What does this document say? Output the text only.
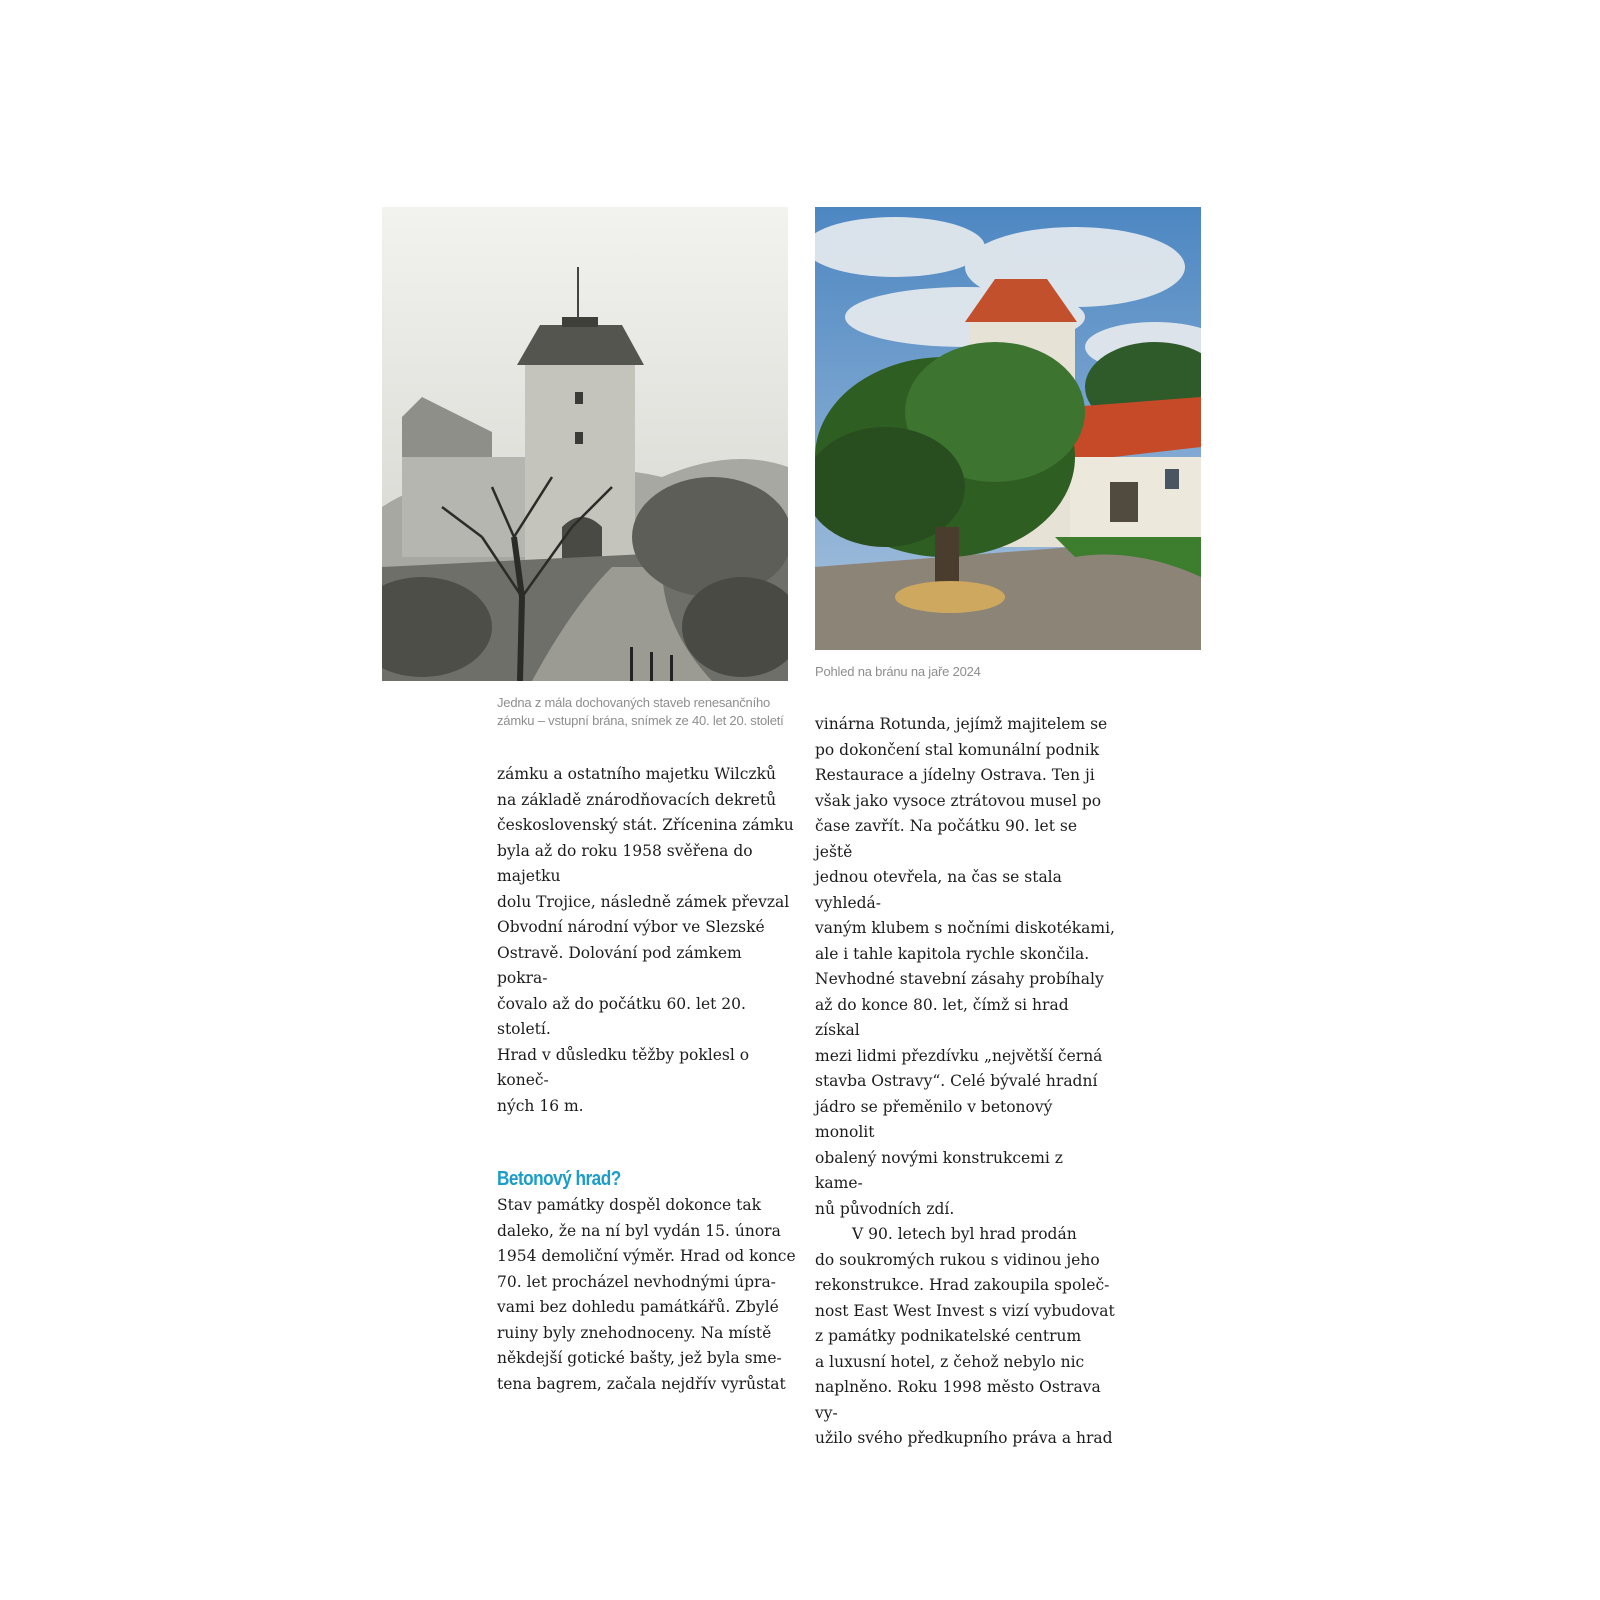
Jedna z mála dochovaných staveb renesančního
zámku – vstupní brána, snímek ze 40. let 20. století
Pohled na bránu na jaře 2024

zámku a ostatního majetku Wilczků
na základě znárodňovacích dekretů
československý stát. Zřícenina zámku
byla až do roku 1958 svěřena do majetku
dolu Trojice, následně zámek převzal
Obvodní národní výbor ve Slezské
Ostravě. Dolování pod zámkem pokra-
čovalo až do počátku 60. let 20. století.
Hrad v důsledku těžby poklesl o koneč-
ných 16 m.

Betonový hrad?

Stav památky dospěl dokonce tak
daleko, že na ní byl vydán 15. února
1954 demoliční výměr. Hrad od konce
70. let procházel nevhodnými úpra-
vami bez dohledu památkářů. Zbylé
ruiny byly znehodnoceny. Na místě
někdejší gotické bašty, jež byla sme-
tena bagrem, začala nejdřív vyrůstat

vinárna Rotunda, jejímž majitelem se
po dokončení stal komunální podnik
Restaurace a jídelny Ostrava. Ten ji
však jako vysoce ztrátovou musel po
čase zavřít. Na počátku 90. let se ještě
jednou otevřela, na čas se stala vyhledá-
vaným klubem s nočními diskotékami,
ale i tahle kapitola rychle skončila.
Nevhodné stavební zásahy probíhaly
až do konce 80. let, čímž si hrad získal
mezi lidmi přezdívku „největší černá
stavba Ostravy“. Celé bývalé hradní
jádro se přeměnilo v betonový monolit
obalený novými konstrukcemi z kame-
nů původních zdí.

V 90. letech byl hrad prodán
do soukromých rukou s vidinou jeho
rekonstrukce. Hrad zakoupila společ-
nost East West Invest s vizí vybudovat
z památky podnikatelské centrum
a luxusní hotel, z čehož nebylo nic
naplněno. Roku 1998 město Ostrava vy-
užilo svého předkupního práva a hrad
